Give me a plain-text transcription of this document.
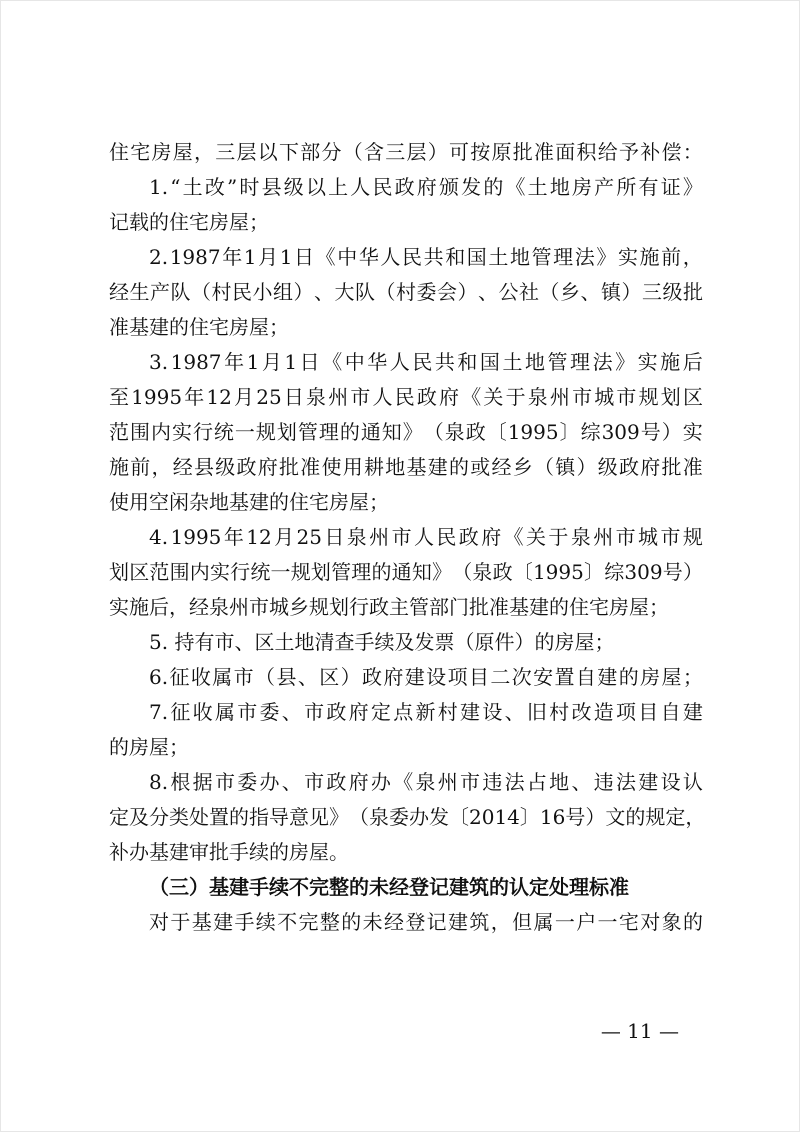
住 宅 房 屋 ， 三 层 以 下 部 分 （ 含 三 层 ） 可 按 原 批 准 面 积 给 予 补 偿 ：
1. “ 土 改 ” 时 县 级 以 上 人 民 政 府 颁 发 的 《 土 地 房 产 所 有 证 》
记载的住宅房屋；
2. 1987 年 1 月 1 日 《 中 华 人 民 共 和 国 土 地 管 理 法 》 实 施 前 ，
经 生 产 队 （ 村 民 小 组 ） 、 大 队 （ 村 委 会 ） 、 公 社 （ 乡 、 镇 ） 三 级 批
准基建的住宅房屋；
3. 1987 年 1 月 1 日 《 中 华 人 民 共 和 国 土 地 管 理 法 》 实 施 后
至 1995 年 12 月 25 日 泉 州 市 人 民 政 府 《 关 于 泉 州 市 城 市 规 划 区
范 围 内 实 行 统 一 规 划 管 理 的 通 知 》 （ 泉 政 〔 1995 〕 综 309 号 ） 实
施 前 ， 经 县 级 政 府 批 准 使 用 耕 地 基 建 的 或 经 乡 （ 镇 ） 级 政 府 批 准
使用空闲杂地基建的住宅房屋；
4. 1995 年 12 月 25 日 泉 州 市 人 民 政 府 《 关 于 泉 州 市 城 市 规
划 区 范 围 内 实 行 统 一 规 划 管 理 的 通 知 》 （ 泉 政 〔 1995 〕 综 309 号 ）
实施后，经泉州市城乡规划行政主管部门批准基建的住宅房屋；
5. 持有市、区土地清查手续及发票（原件）的房屋；
6. 征 收 属 市 （ 县 、 区 ） 政 府 建 设 项 目 二 次 安 置 自 建 的 房 屋 ；
7. 征 收 属 市 委 、 市 政 府 定 点 新 村 建 设 、 旧 村 改 造 项 目 自 建
的房屋；
8. 根 据 市 委 办 、 市 政 府 办 《 泉 州 市 违 法 占 地 、 违 法 建 设 认
定 及 分 类 处 置 的 指 导 意 见 》 （ 泉 委 办 发 〔 2014 〕 16 号 ） 文 的 规 定 ，
补办基建审批手续的房屋。
（三）基建手续不完整的未经登记建筑的认定处理标准
对 于 基 建 手 续 不 完 整 的 未 经 登 记 建 筑 ， 但 属 一 户 一 宅 对 象 的
— 11 —
